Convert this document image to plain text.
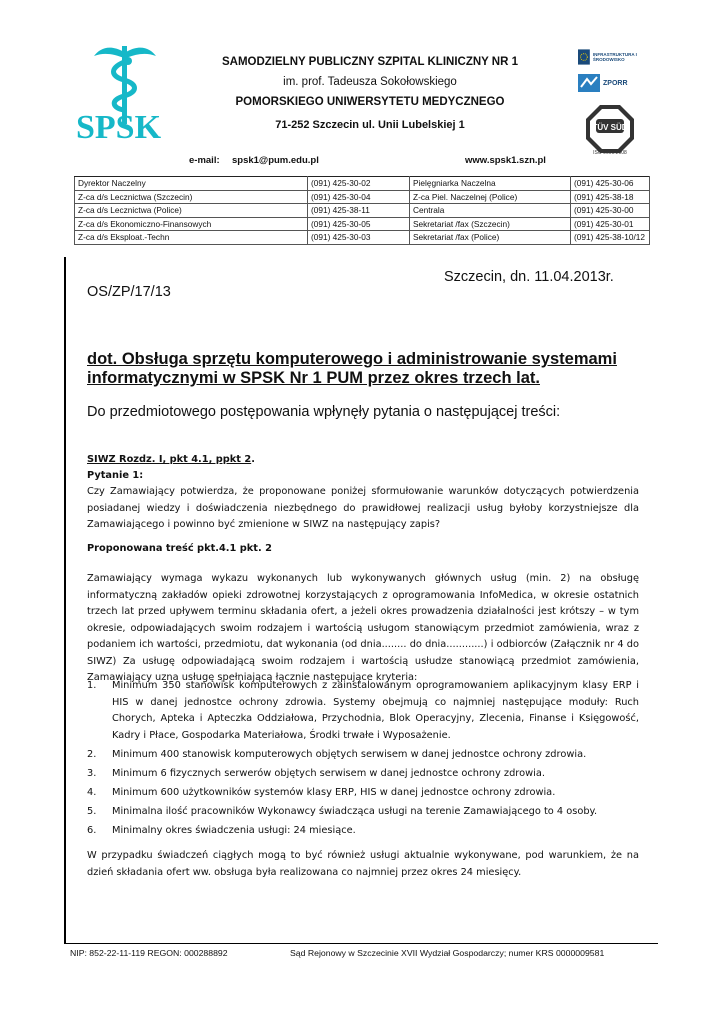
SPSK
SAMODZIELNY PUBLICZNY SZPITAL KLINICZNY NR 1
im. prof. Tadeusza Sokołowskiego
POMORSKIEGO UNIWERSYTETU MEDYCZNEGO
71-252 Szczecin ul. Unii Lubelskiej 1
INFRASTRUKTURA I ŚRODOWISKO
ZPORR
TÜV SÜD
ISO 9001:2008
e-mail: spsk1@pum.edu.pl	www.spsk1.szn.pl
Dyrektor Naczelny	(091) 425-30-02	Pielęgniarka Naczelna	(091) 425-30-06
Z-ca d/s Lecznictwa (Szczecin)	(091) 425-30-04	Z-ca Piel. Naczelnej (Police)	(091) 425-38-18
Z-ca d/s Lecznictwa (Police)	(091) 425-38-11	Centrala	(091) 425-30-00
Z-ca d/s Ekonomiczno-Finansowych	(091) 425-30-05	Sekretariat /fax (Szczecin)	(091) 425-30-01
Z-ca d/s Eksploat.-Techn	(091) 425-30-03	Sekretariat /fax (Police)	(091) 425-38-10/12
Szczecin, dn. 11.04.2013r.
OS/ZP/17/13
dot. Obsługa sprzętu komputerowego i administrowanie systemami informatycznymi w SPSK Nr 1 PUM przez okres trzech lat.
Do przedmiotowego postępowania wpłynęły pytania o następującej treści:
SIWZ Rozdz. I, pkt 4.1, ppkt 2.
Pytanie 1:
Czy Zamawiający potwierdza, że proponowane poniżej sformułowanie warunków dotyczących potwierdzenia posiadanej wiedzy i doświadczenia niezbędnego do prawidłowej realizacji usług byłoby korzystniejsze dla Zamawiającego i powinno być zmienione w SIWZ na następujący zapis?
Proponowana treść pkt.4.1 pkt. 2
Zamawiający wymaga wykazu wykonanych lub wykonywanych głównych usług (min. 2) na obsługę informatyczną zakładów opieki zdrowotnej korzystających z oprogramowania InfoMedica, w okresie ostatnich trzech lat przed upływem terminu składania ofert, a jeżeli okres prowadzenia działalności jest krótszy – w tym okresie, odpowiadających swoim rodzajem i wartością usługom stanowiącym przedmiot zamówienia, wraz z podaniem ich wartości, przedmiotu, dat wykonania (od dnia........ do dnia............) i odbiorców (Załącznik nr 4 do SIWZ) Za usługę odpowiadającą swoim rodzajem i wartością usłudze stanowiącą przedmiot zamówienia, Zamawiający uzna usługę spełniającą łącznie następujące kryteria:
1. Minimum 350 stanowisk komputerowych z zainstalowanym oprogramowaniem aplikacyjnym klasy ERP i HIS w danej jednostce ochrony zdrowia. Systemy obejmują co najmniej następujące moduły: Ruch Chorych, Apteka i Apteczka Oddziałowa, Przychodnia, Blok Operacyjny, Zlecenia, Finanse i Księgowość, Kadry i Płace, Gospodarka Materiałowa, Środki trwałe i Wyposażenie.
2. Minimum 400 stanowisk komputerowych objętych serwisem w danej jednostce ochrony zdrowia.
3. Minimum 6 fizycznych serwerów objętych serwisem w danej jednostce ochrony zdrowia.
4. Minimum 600 użytkowników systemów klasy ERP, HIS w danej jednostce ochrony zdrowia.
5. Minimalna ilość pracowników Wykonawcy świadcząca usługi na terenie Zamawiającego to 4 osoby.
6. Minimalny okres świadczenia usługi: 24 miesiące.
W przypadku świadczeń ciągłych mogą to być również usługi aktualnie wykonywane, pod warunkiem, że na dzień składania ofert ww. obsługa była realizowana co najmniej przez okres 24 miesięcy.
NIP: 852-22-11-119 REGON: 000288892	Sąd Rejonowy w Szczecinie XVII Wydział Gospodarczy; numer KRS 0000009581
